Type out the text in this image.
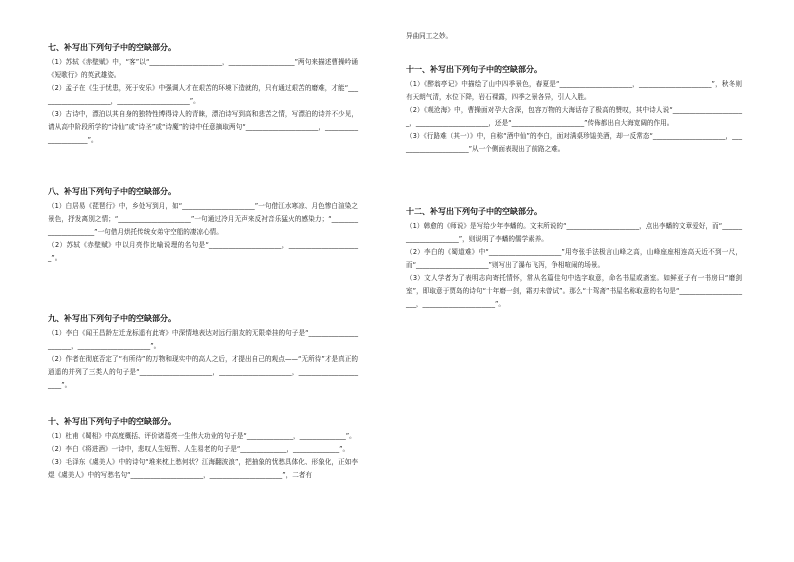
七、补写出下列句子中的空缺部分。

（1）苏轼《赤壁赋》中，“客”以“______________________，____________________”两句来描述曹操吟诵《短歌行》的英武雄姿。

（2）孟子在《生于忧患，死于安乐》中强调人才在艰苦的环境下造就的，只有通过艰苦的磨难，才能“______________________，______________________”。

（3）古诗中，漂泊以其自身的独特性博得诗人的青睐，漂泊诗写到高和悲苦之情，写漂泊的诗并不少见，请从高中阶段所学的“诗仙”或“诗圣”或“诗魔”的诗中任意摘取两句“______________________，______________________”。

八、补写出下列句子中的空缺部分。

（1）白居易《琵琶行》中，乡处写到月，如“______________________”一句借江水寒凉、月色惨白渲染之景色，抒发离别之情；“______________________”一句通过冷月无声来反衬音乐猛火的感染力；“______________________”一句借月烘托传统女弟守空船的凄凉心情。

（2）苏轼《赤壁赋》中以月亮作比喻说理的名句是“______________________，______________________”。

九、补写出下列句子中的空缺部分。

（1）李白《闻王昌龄左迁龙标遥有此寄》中深情地表达对远行朋友的无限牵挂的句子是“______________________，______________________”。

（2）作者在彻底否定了“有所待”的万物和现实中的高人之后，才提出自己的观点——“无所待”才是真正的逍遥的并列了三类人的句子是“______________________，______________________，______________________”。

十、补写出下列句子中的空缺部分。

（1）杜甫《蜀相》中高度概括、评价诸葛亮一生伟大功业的句子是“______________，______________”。

（2）李白《将进酒》一诗中，悲叹人生短暂、人生易老的句子是“______________，______________”。

（3）毛泽东《虞美人》中的诗句“堆来枕上愁何状？江海翻波浪”，把抽象的忧愁具体化、形象化，正如李煜《虞美人》中的写愁名句“______________________，______________________”，二者有

异曲同工之妙。
十一、补写出下列句子中的空缺部分。

（1）《醉翁亭记》中描绘了山中四季景色，春夏是“______________________，______________________”，秋冬则有天朗气清，水位下降，岩石裸露，四季之景各异，引人入胜。

（2）《观沧海》中，曹操面对孕大含深，包容万物的大海话存了极高的赞叹，其中诗人说“______________________，______________________，还是“______________________”传佈都出自大海宽阔的作用。

（3）《行路难（其一）》中，自称“酒中仙”的李白，面对满桌珍馐美酒，却一反常态“______________________，______________________”从一个侧面表现出了前路之难。

十二、补写出下列句子中的空缺部分。

（1）韩愈的《师说》是写给少年李蟠的。文末所说的“______________________，点出李蟠的文章爱好，而“______________________”，则说明了李蟠的儒学素养。

（2）李白的《蜀道难》中“______________________”用夸张手法极言山峰之高，山峰座座相连高天近不到一尺，而“______________________”则写出了瀑布飞泻，争相喧闹的场景。

（3）文人学者为了表明志向寄托情怀，常从名篇佳句中选字取意，命名书屋或斋室。如鲜亚子有一书房曰“磨剑室”，即取意于贾岛的诗句“十年磨一剑，霜刃未曾试”。那么“十驾斋”书屋名称取意的名句是“______________________，______________________”。
